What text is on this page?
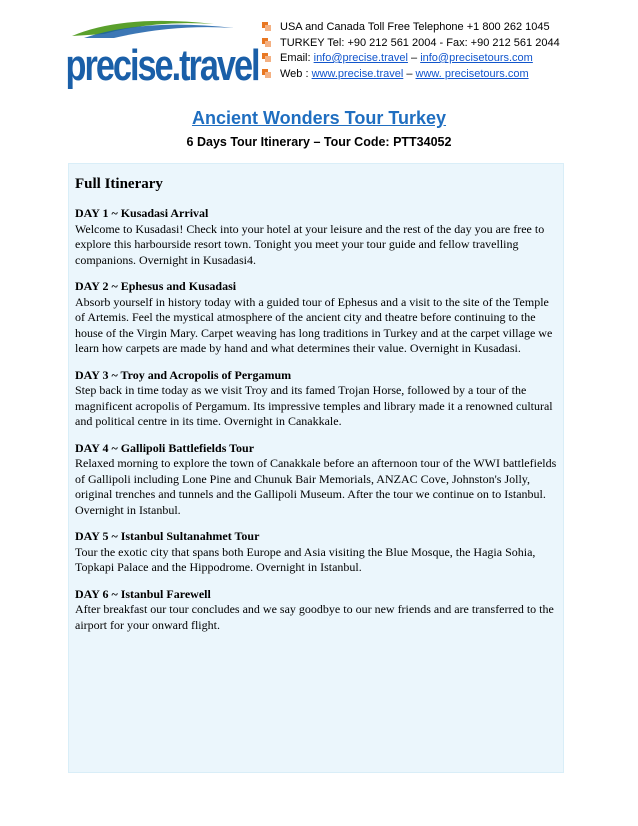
precise.travel
USA and Canada Toll Free Telephone +1 800 262 1045
TURKEY Tel: +90 212 561 2004 - Fax: +90 212 561 2044
Email: info@precise.travel – info@precisetours.com
Web : www.precise.travel – www. precisetours.com
Ancient Wonders Tour Turkey
6 Days Tour Itinerary – Tour Code: PTT34052
Full Itinerary
DAY 1 ~ Kusadasi Arrival
Welcome to Kusadasi! Check into your hotel at your leisure and the rest of the day you are free to explore this harbourside resort town. Tonight you meet your tour guide and fellow travelling companions. Overnight in Kusadasi4.
DAY 2 ~ Ephesus and Kusadasi
Absorb yourself in history today with a guided tour of Ephesus and a visit to the site of the Temple of Artemis. Feel the mystical atmosphere of the ancient city and theatre before continuing to the house of the Virgin Mary. Carpet weaving has long traditions in Turkey and at the carpet village we learn how carpets are made by hand and what determines their value. Overnight in Kusadasi.
DAY 3 ~ Troy and Acropolis of Pergamum
Step back in time today as we visit Troy and its famed Trojan Horse, followed by a tour of the magnificent acropolis of Pergamum. Its impressive temples and library made it a renowned cultural and political centre in its time. Overnight in Canakkale.
DAY 4 ~ Gallipoli Battlefields Tour
Relaxed morning to explore the town of Canakkale before an afternoon tour of the WWI battlefields of Gallipoli including Lone Pine and Chunuk Bair Memorials, ANZAC Cove, Johnston's Jolly, original trenches and tunnels and the Gallipoli Museum. After the tour we continue on to Istanbul. Overnight in Istanbul.
DAY 5 ~ Istanbul Sultanahmet Tour
Tour the exotic city that spans both Europe and Asia visiting the Blue Mosque, the Hagia Sohia, Topkapi Palace and the Hippodrome. Overnight in Istanbul.
DAY 6 ~ Istanbul Farewell
After breakfast our tour concludes and we say goodbye to our new friends and are transferred to the airport for your onward flight.
